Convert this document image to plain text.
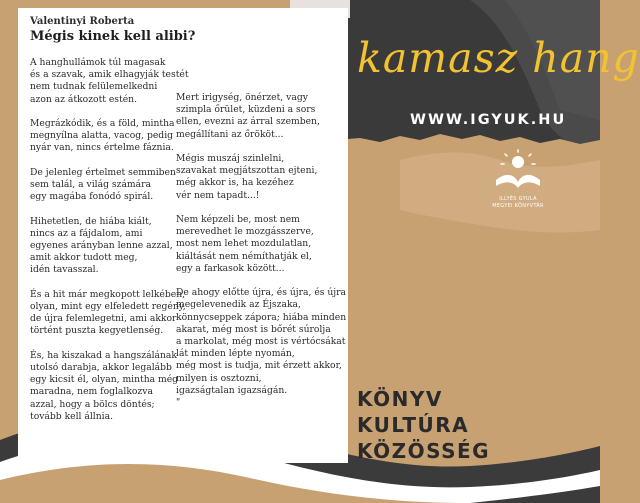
Valentinyi Roberta
Mégis kinek kell alibi?
A hanghullámok túl magasak
és a szavak, amik elhagyják testét
nem tudnak felülemelkedni
azon az átkozott estén.
Megrázkódik, és a föld, mintha
megnyílna alatta, vacog, pedig
nyár van, nincs értelme fáznia.
De jelenleg értelmet semmiben
sem talál, a világ számára
egy magába fonódó spirál.
Hihetetlen, de hiába kiált,
nincs az a fájdalom, ami
egyenes arányban lenne azzal,
amit akkor tudott meg,
idén tavasszal.
És a hit már megkopott lelkében,
olyan, mint egy elfeledett regény,
de újra felemlegetni, ami akkor
történt puszta kegyetlenség.
És, ha kiszakad a hangszálának
utolsó darabja, akkor legalább
egy kicsit él, olyan, mintha még
maradna, nem foglalkozva
azzal, hogy a bölcs döntés;
tovább kell állnia.
Mert irigység, önérzet, vagy
szimpla őrület, küzdeni a sors
ellen, evezni az árral szemben,
megállítani az őrököt...
Mégis muszáj szinlelni,
szavakat megjátszottan ejteni,
még akkor is, ha kezéhez
vér nem tapadt...!
Nem képzeli be, most nem
merevedhet le mozgásszerve,
most nem lehet mozdulatlan,
kiáltását nem némíthatják el,
egy a farkasok között...
De ahogy előtte újra, és újra, és újra
megelevenedik az Éjszaka,
könnycseppek zápora; hiába minden
akarat, még most is bőrét súrolja
a markolat, még most is vértócsákat
lát minden lépte nyomán,
még most is tudja, mit érzett akkor,
milyen is osztozni,
igazságtalan igazságán.
"
kamasz hang
WWW.IGYUK.HU
ILLYÉS GYULA
MEGYEI KÖNYVTÁR
KÖNYV
KULTÚRA
KÖZÖSSÉG
